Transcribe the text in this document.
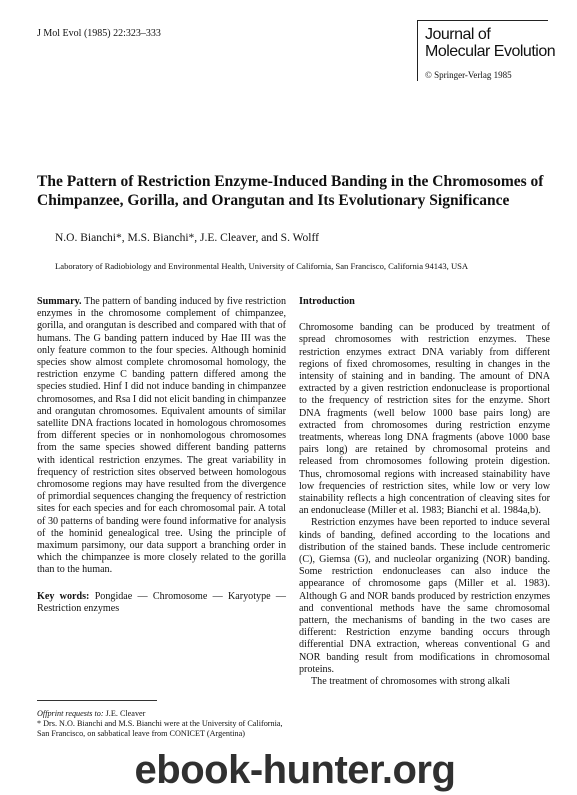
J Mol Evol (1985) 22:323–333	Journal of
Molecular Evolution
© Springer-Verlag 1985
The Pattern of Restriction Enzyme-Induced Banding in the Chromosomes of Chimpanzee, Gorilla, and Orangutan and Its Evolutionary Significance
N.O. Bianchi*, M.S. Bianchi*, J.E. Cleaver, and S. Wolff
Laboratory of Radiobiology and Environmental Health, University of California, San Francisco, California 94143, USA

Summary. The pattern of banding induced by five restriction enzymes in the chromosome complement of chimpanzee, gorilla, and orangutan is described and compared with that of humans. The G banding pattern induced by Hae III was the only feature common to the four species. Although hominid species show almost complete chromosomal homology, the restriction enzyme C banding pattern differed among the species studied. Hinf I did not induce banding in chimpanzee chromosomes, and Rsa I did not elicit banding in chimpanzee and orangutan chromosomes. Equivalent amounts of similar satellite DNA fractions located in homologous chromosomes from different species or in nonhomologous chromosomes from the same species showed different banding patterns with identical restriction enzymes. The great variability in frequency of restriction sites observed between homologous chromosome regions may have resulted from the divergence of primordial sequences changing the frequency of restriction sites for each species and for each chromosomal pair. A total of 30 patterns of banding were found informative for analysis of the hominid genealogical tree. Using the principle of maximum parsimony, our data support a branching order in which the chimpanzee is more closely related to the gorilla than to the human.

Key words: Pongidae — Chromosome — Karyotype — Restriction enzymes

Offprint requests to: J.E. Cleaver
* Drs. N.O. Bianchi and M.S. Bianchi were at the University of California, San Francisco, on sabbatical leave from CONICET (Argentina)
Introduction

Chromosome banding can be produced by treatment of spread chromosomes with restriction enzymes. These restriction enzymes extract DNA variably from different regions of fixed chromosomes, resulting in changes in the intensity of staining and in banding. The amount of DNA extracted by a given restriction endonuclease is proportional to the frequency of restriction sites for the enzyme. Short DNA fragments (well below 1000 base pairs long) are extracted from chromosomes during restriction enzyme treatments, whereas long DNA fragments (above 1000 base pairs long) are retained by chromosomal proteins and released from chromosomes following protein digestion. Thus, chromosomal regions with increased stainability have low frequencies of restriction sites, while low or very low stainability reflects a high concentration of cleaving sites for an endonuclease (Miller et al. 1983; Bianchi et al. 1984a,b).

Restriction enzymes have been reported to induce several kinds of banding, defined according to the locations and distribution of the stained bands. These include centromeric (C), Giemsa (G), and nucleolar organizing (NOR) banding. Some restriction endonucleases can also induce the appearance of chromosome gaps (Miller et al. 1983). Although G and NOR bands produced by restriction enzymes and conventional methods have the same chromosomal pattern, the mechanisms of banding in the two cases are different: Restriction enzyme banding occurs through differential DNA extraction, whereas conventional G and NOR banding result from modifications in chromosomal proteins.

The treatment of chromosomes with strong alkali

ebook-hunter.org
